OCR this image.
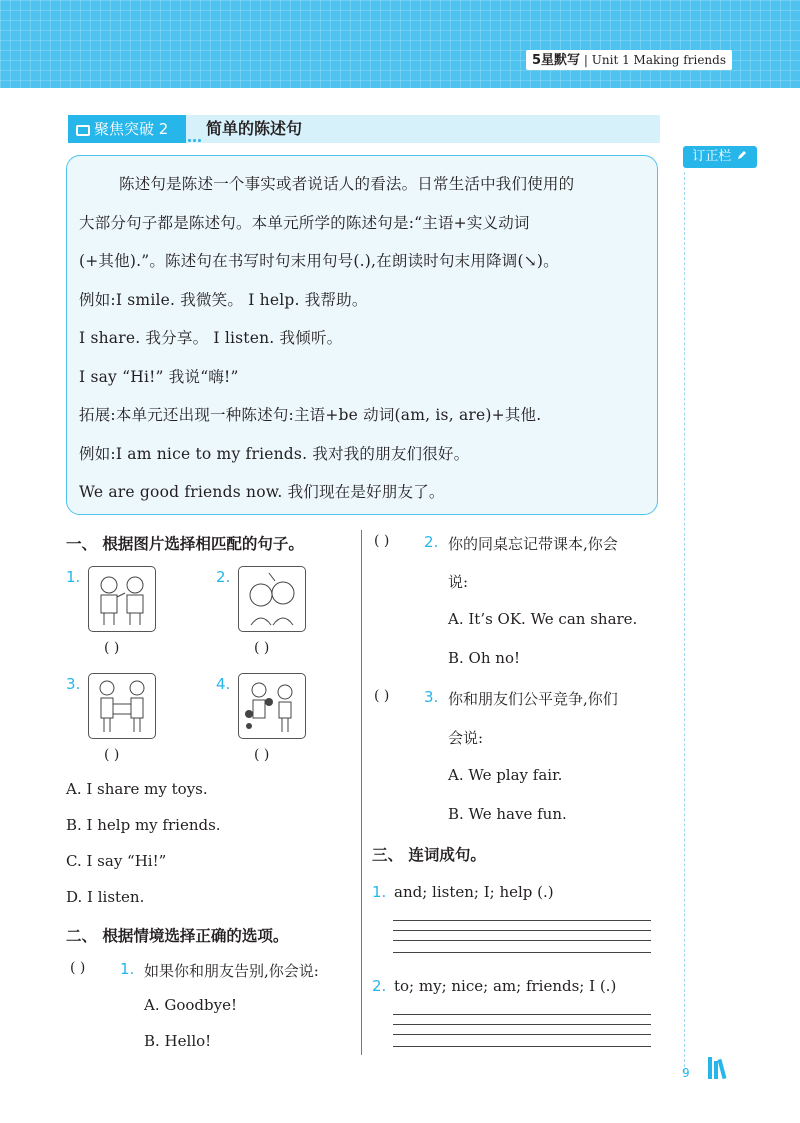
5星默写 | Unit 1 Making friends
聚焦突破 2	简单的陈述句
订正栏

陈述句是陈述一个事实或者说话人的看法。日常生活中我们使用的

大部分句子都是陈述句。本单元所学的陈述句是:“主语+实义动词

(+其他).”。陈述句在书写时句末用句号(.),在朗读时句末用降调(↘)。

例如:I smile. 我微笑。 I help. 我帮助。

I share. 我分享。 I listen. 我倾听。

I say “Hi!” 我说“嗨!”

拓展:本单元还出现一种陈述句:主语+be 动词(am, is, are)+其他.

例如:I am nice to my friends. 我对我的朋友们很好。

We are good friends now. 我们现在是好朋友了。

一、 根据图片选择相匹配的句子。
1.
( )
2.
( )
3.
( )
4.
( )
A. I share my toys.
B. I help my friends.
C. I say “Hi!”
D. I listen.
二、 根据情境选择正确的选项。
( ) 1. 如果你和朋友告别,你会说:
A. Goodbye!
B. Hello!
( ) 2. 你的同桌忘记带课本,你会
说:
A. It’s OK. We can share.
B. Oh no!
( ) 3. 你和朋友们公平竞争,你们
会说:
A. We play fair.
B. We have fun.
三、 连词成句。
1. and; listen; I; help (.)
2. to; my; nice; am; friends; I (.)
9
